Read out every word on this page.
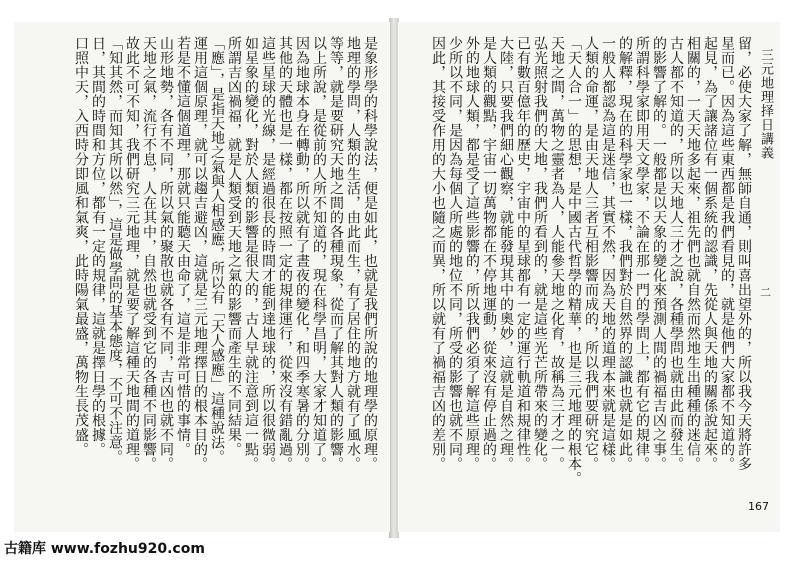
是象形學的科學說法，便是如此，也就是我們所說的地理學的原理。
地理的學問，人類的生活，由此而生，有了居住的地方就有了風水。
等等，就是要研究天地之間的各種現象，從而了解其對人類的影響。
以上所說，是從前的人所不知道的，現在科學昌明，大家才知道了。
因為地球本身在轉動，所以就有了晝夜的變化，和四季寒暑的分別。
其他的天體也是一樣，都在按照一定的規律運行，從來沒有錯亂過。
這些星球的光線，是經過很長的時間才能到達地球的，所以很微弱。
如星象的變化，對於人類的影響是很大的，古人早就注意到這一點。
所謂吉凶禍福，就是人類受到天地之氣的影響而產生的不同結果。
「應」，是指天地之氣與人相感應，所以有「天人感應」這種說法。
運用這個原理，就可以趨吉避凶，這就是三元地理擇日的根本目的。
若是不懂這個道理，那就只能聽天由命了，這是非常可惜的事情。
山形地勢，各有不同，所以氣的聚散也就各有不同，吉凶也就不同。
天地之氣，流行不息，人在其中，自然也就受到它的各種不同影響。
故此不可不知，我們研究三元地理，就是要了解這種天地間的道理。
「知其然，而知其所以然」，這是做學問的基本態度，不可不注意。
日，其間的時間和方位，都有一定的規律，這就是擇日學的根據。
口照中天，入西時分即風和氣爽，此時陽氣最盛，萬物生長茂盛。	三元地理择日講義
留，必使大家了解，無師自通，則叫喜出望外的，所以我今天將許多
星而已。因為這些東西都是我們看見的，就是他們大家都不知道的。
起見，為了讓諸位有一個系統的認識，先從人與天地的關係說起來。
相關的，一天天地多起來，祖先們也就自然而然地生出種種的迷信。
古人都不知道的，所以天地人三才之說，各種學問也就由此而發生。
的影響了解的。一般都是以天象的變化來預測人間的禍福吉凶之事。
所謂科學家即用天文學家，不論在那一門的學問上，都有它的規律。
的解釋，現在的科學家也一樣，我們對於自然界的認識也就是如此。
一般人都認為這是迷信，其實不然，因為天地的道理本來就是這樣。
人類的命運，是由天地人三者互相影響而成的，所以我們要研究它。
「天人合一」的思想，是中國古代哲學的精華，也是三元地理的根本。
天地之間，萬物之靈者為人，人能參天地之化育，故稱為三才之一。
弘光照射我們的大地，我們所看到的，就是這些光芒所帶來的變化。
已有數百億年的歷史，宇宙中的星球都有一定的運行軌道和規律性。
大陸，只要我們細心觀察，就能發現其中的奧妙，這就是自然之理。
是人類的觀點，宇宙一切萬物都在不停地運動，從來沒有停止過的。
外的地球人類，都是受了這些影響的，所以我們必須了解這些原理。
少所以不同，是因為每個人所處的地位不同，所受的影響也就不同。
因此，其接受作用的大小也隨之而異，所以就有了禍福吉凶的差別。	二
167
古籍库 www.fozhu920.com
